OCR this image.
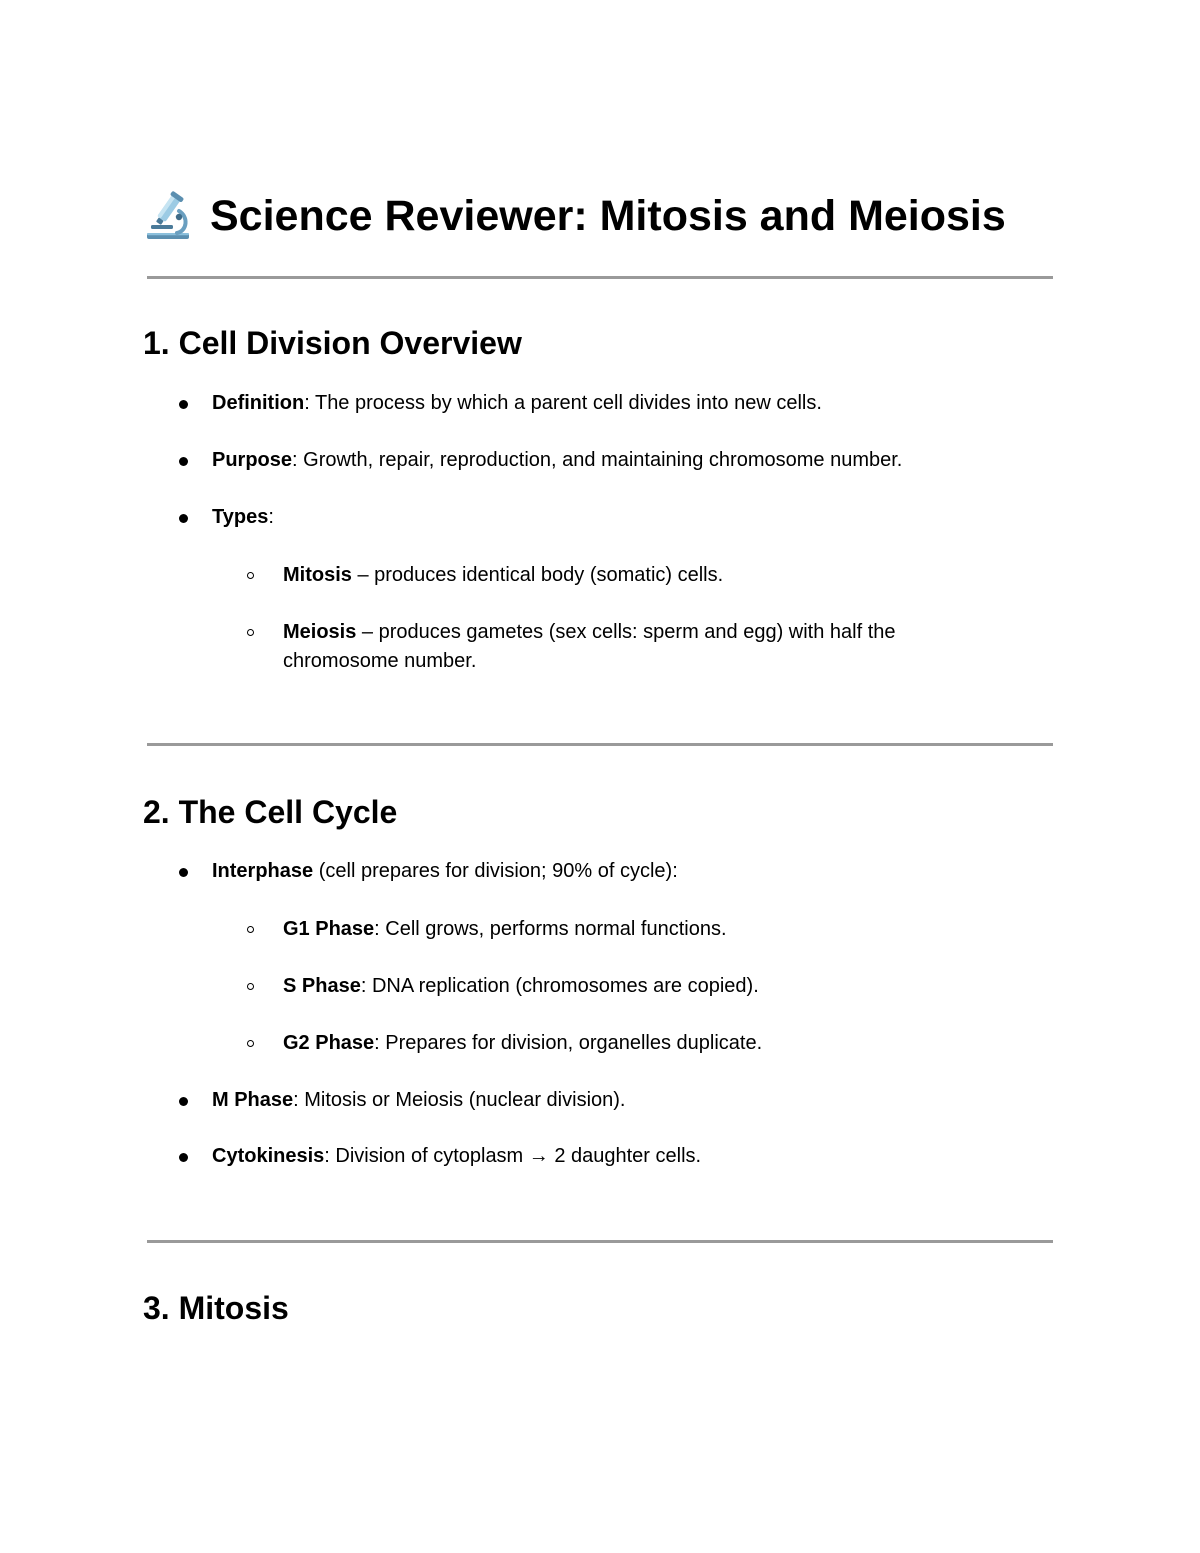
Science Reviewer: Mitosis and Meiosis
1. Cell Division Overview
Definition: The process by which a parent cell divides into new cells.
Purpose: Growth, repair, reproduction, and maintaining chromosome number.
Types:
Mitosis – produces identical body (somatic) cells.
Meiosis – produces gametes (sex cells: sperm and egg) with half the chromosome number.
2. The Cell Cycle
Interphase (cell prepares for division; 90% of cycle):
G1 Phase: Cell grows, performs normal functions.
S Phase: DNA replication (chromosomes are copied).
G2 Phase: Prepares for division, organelles duplicate.
M Phase: Mitosis or Meiosis (nuclear division).
Cytokinesis: Division of cytoplasm → 2 daughter cells.
3. Mitosis
